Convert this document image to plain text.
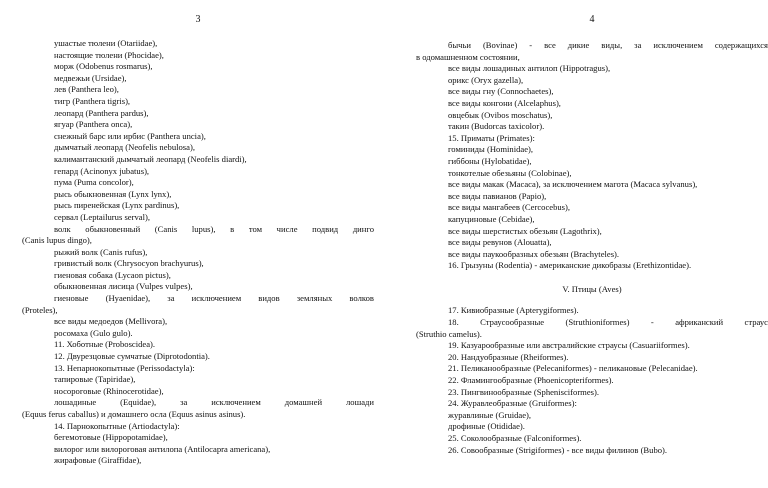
3
ушастые тюлени (Otariidae),
настоящие тюлени (Phocidae),
морж (Odobenus rosmarus),
медвежьи (Ursidae),
лев (Panthera leo),
тигр (Panthera tigris),
леопард (Panthera pardus),
ягуар (Panthera onca),
снежный барс или ирбис (Panthera uncia),
дымчатый леопард (Neofelis nebulosa),
калимантанский дымчатый леопард (Neofelis diardi),
гепард (Acinonyx jubatus),
пума (Puma concolor),
рысь обыкновенная (Lynx lynx),
рысь пиренейская (Lynx pardinus),
сервал (Leptailurus serval),
волк обыкновенный (Canis lupus), в том числе подвид динго
(Canis lupus dingo),
рыжий волк (Canis rufus),
гривистый волк (Chrysocyon brachyurus),
гиеновая собака (Lycaon pictus),
обыкновенная лисица (Vulpes vulpes),
гиеновые (Hyaenidae), за исключением видов земляных волков
(Proteles),
все виды медоедов (Mellivora),
росомаха (Gulo gulo).
11. Хоботные (Proboscidea).
12. Двурезцовые сумчатые (Diprotodontia).
13. Непарнокопытные (Perissodactyla):
тапировые (Tapiridae),
носороговые (Rhinocerotidae),
лошадиные (Equidae), за исключением домашней лошади
(Equus ferus caballus) и домашнего осла (Equus asinus asinus).
14. Парнокопытные (Artiodactyla):
бегемотовые (Hippopotamidae),
вилорог или вилороговая антилопа (Antilocapra americana),
жирафовые (Giraffidae),
4
бычьи (Bovinae) - все дикие виды, за исключением содержащихся
в одомашненном состоянии,
все виды лошадиных антилоп (Hippotragus),
орикс (Oryx gazella),
все виды гну (Connochaetes),
все виды конгони (Alcelaphus),
овцебык (Ovibos moschatus),
такин (Budorcas taxicolor).
15. Приматы (Primates):
гоминиды (Hominidae),
гиббоны (Hylobatidae),
тонкотелые обезьяны (Colobinae),
все виды макак (Macaca), за исключением магота (Macaca sylvanus),
все виды павианов (Papio),
все виды мангабеев (Cercocebus),
капуциновые (Cebidae),
все виды шерстистых обезьян (Lagothrix),
все виды ревунов (Alouatta),
все виды паукообразных обезьян (Brachyteles).
16. Грызуны (Rodentia) - американские дикобразы (Erethizontidae).
V. Птицы (Aves)
17. Кивиобразные (Apterygiformes).
18. Страусообразные (Struthioniformes) - африканский страус
(Struthio camelus).
19. Казуарообразные или австралийские страусы (Casuariiformes).
20. Нандуобразные (Rheiformes).
21. Пеликанообразные (Pelecaniformes) - пеликановые (Pelecanidae).
22. Фламингообразные (Phoenicopteriformes).
23. Пингвинообразные (Sphenisciformes).
24. Журавлеобразные (Gruiformes):
журавлиные (Gruidae),
дрофиные (Otididae).
25. Соколообразные (Falconiformes).
26. Совообразные (Strigiformes) - все виды филинов (Bubo).
